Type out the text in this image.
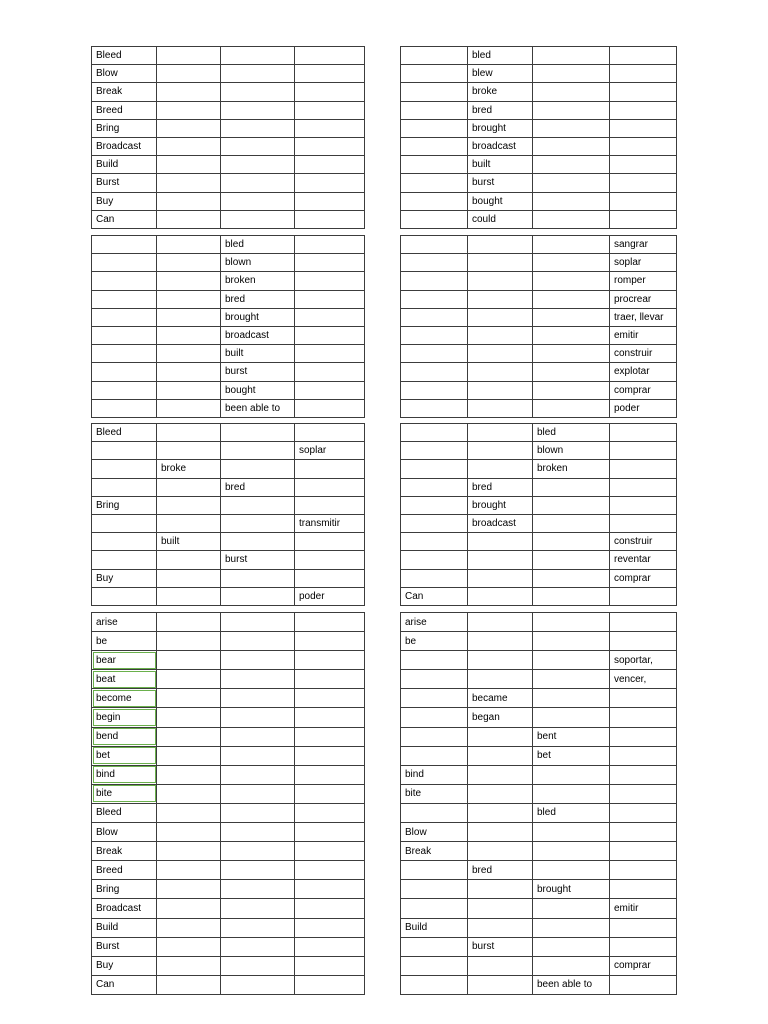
Bleed			
Blow			
Break			
Breed			
Bring			
Broadcast			
Build			
Burst			
Buy			
Can			
	bled		
	blew		
	broke		
	bred		
	brought		
	broadcast		
	built		
	burst		
	bought		
	could		
		bled	
		blown	
		broken	
		bred	
		brought	
		broadcast	
		built	
		burst	
		bought	
		been able to	
			sangrar
			soplar
			romper
			procrear
			traer, llevar
			emitir
			construir
			explotar
			comprar
			poder
Bleed			
			soplar
	broke		
		bred	
Bring			
			transmitir
	built		
		burst	
Buy			
			poder
		bled	
		blown	
		broken	
	bred		
	brought		
	broadcast		
			construir
			reventar
			comprar
Can			
arise			
be			
bear			
beat			
become			
begin			
bend			
bet			
bind			
bite			
Bleed			
Blow			
Break			
Breed			
Bring			
Broadcast			
Build			
Burst			
Buy			
Can			
arise			
be			
			soportar,
			vencer,
	became		
	began		
		bent	
		bet	
bind			
bite			
		bled	
Blow			
Break			
	bred		
		brought	
			emitir
Build			
	burst		
			comprar
		been able to	
